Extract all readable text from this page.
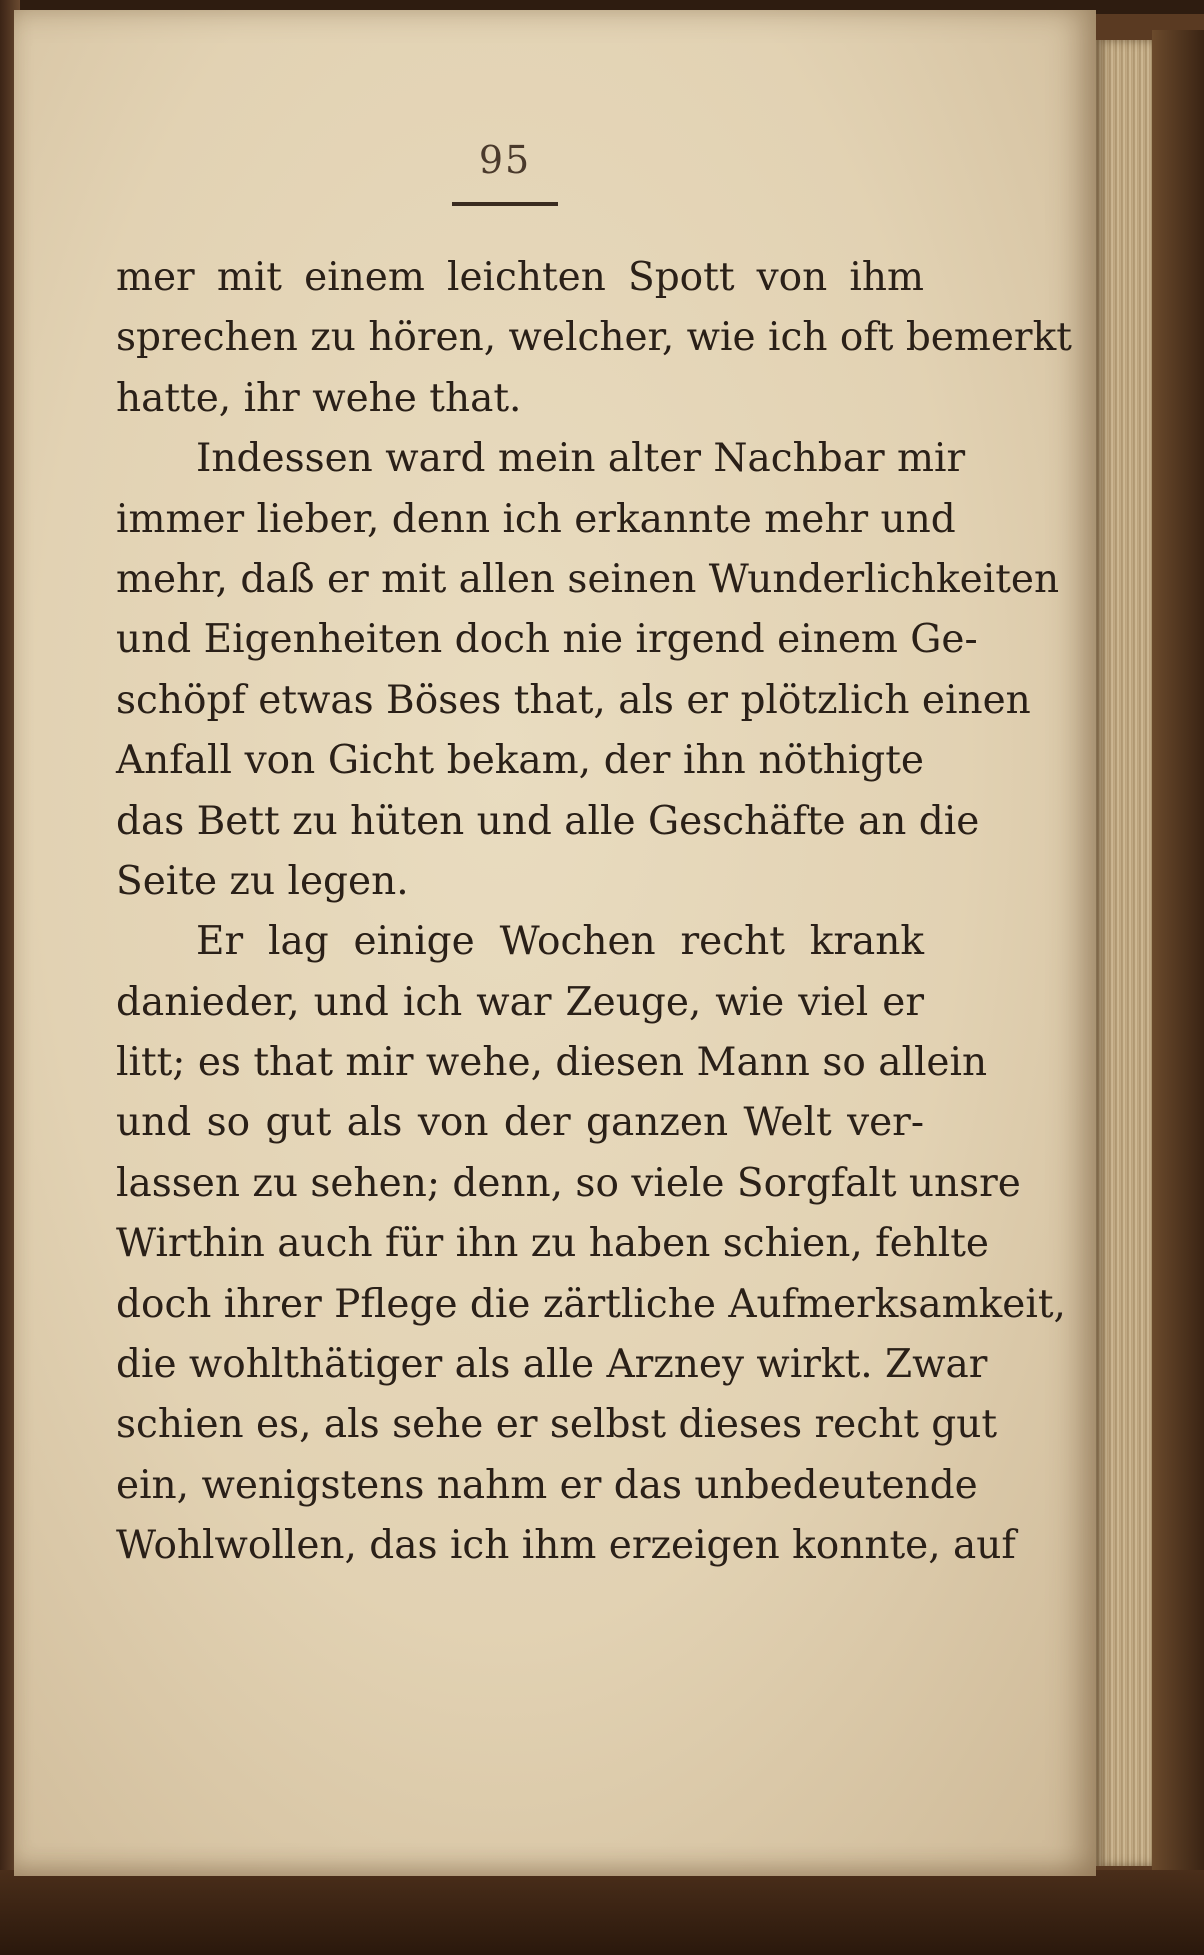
95
mer mit einem leichten Spott von ihm
sprechen zu hören, welcher, wie ich oft bemerkt
hatte, ihr wehe that.
Indessen ward mein alter Nachbar mir
immer lieber, denn ich erkannte mehr und
mehr, daß er mit allen seinen Wunderlichkeiten
und Eigenheiten doch nie irgend einem Ge-
schöpf etwas Böses that, als er plötzlich einen
Anfall von Gicht bekam, der ihn nöthigte
das Bett zu hüten und alle Geschäfte an die
Seite zu legen.
Er lag einige Wochen recht krank
danieder, und ich war Zeuge, wie viel er
litt; es that mir wehe, diesen Mann so allein
und so gut als von der ganzen Welt ver-
lassen zu sehen; denn, so viele Sorgfalt unsre
Wirthin auch für ihn zu haben schien, fehlte
doch ihrer Pflege die zärtliche Aufmerksamkeit,
die wohlthätiger als alle Arzney wirkt. Zwar
schien es, als sehe er selbst dieses recht gut
ein, wenigstens nahm er das unbedeutende
Wohlwollen, das ich ihm erzeigen konnte, auf
